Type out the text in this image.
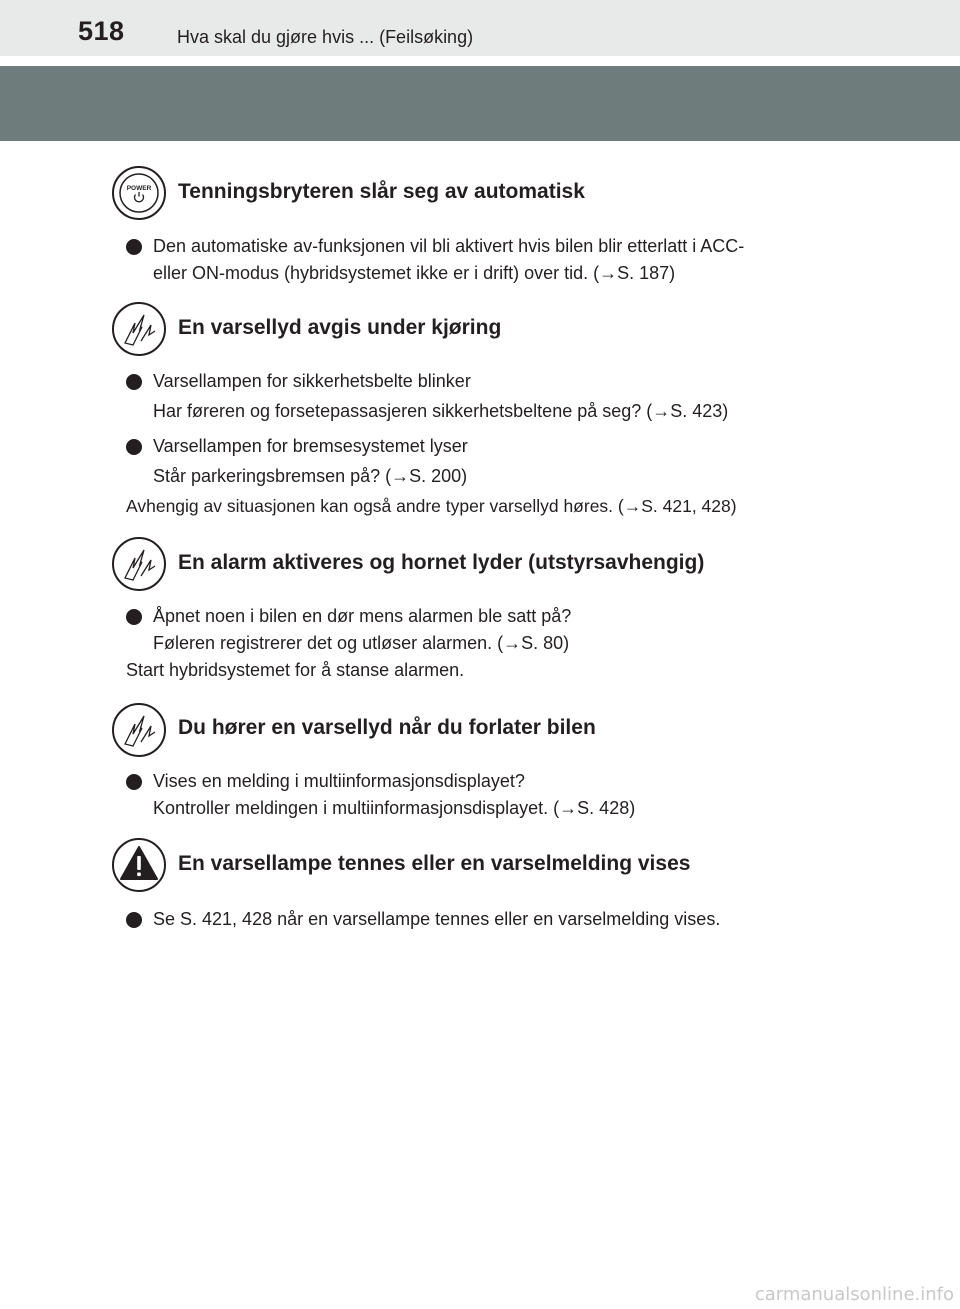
518	Hva skal du gjøre hvis ... (Feilsøking)
POWER Tenningsbryteren slår seg av automatisk
Den automatiske av-funksjonen vil bli aktivert hvis bilen blir etterlatt i ACC-
eller ON-modus (hybridsystemet ikke er i drift) over tid. (→S. 187)
En varsellyd avgis under kjøring
Varsellampen for sikkerhetsbelte blinker
Har føreren og forsetepassasjeren sikkerhetsbeltene på seg? (→S. 423)
Varsellampen for bremsesystemet lyser
Står parkeringsbremsen på? (→S. 200)
Avhengig av situasjonen kan også andre typer varsellyd høres. (→S. 421, 428)
En alarm aktiveres og hornet lyder (utstyrsavhengig)
Åpnet noen i bilen en dør mens alarmen ble satt på?
Føleren registrerer det og utløser alarmen. (→S. 80)
Start hybridsystemet for å stanse alarmen.
Du hører en varsellyd når du forlater bilen
Vises en melding i multiinformasjonsdisplayet?
Kontroller meldingen i multiinformasjonsdisplayet. (→S. 428)
En varsellampe tennes eller en varselmelding vises
Se S. 421, 428 når en varsellampe tennes eller en varselmelding vises.
carmanualsonline.info
